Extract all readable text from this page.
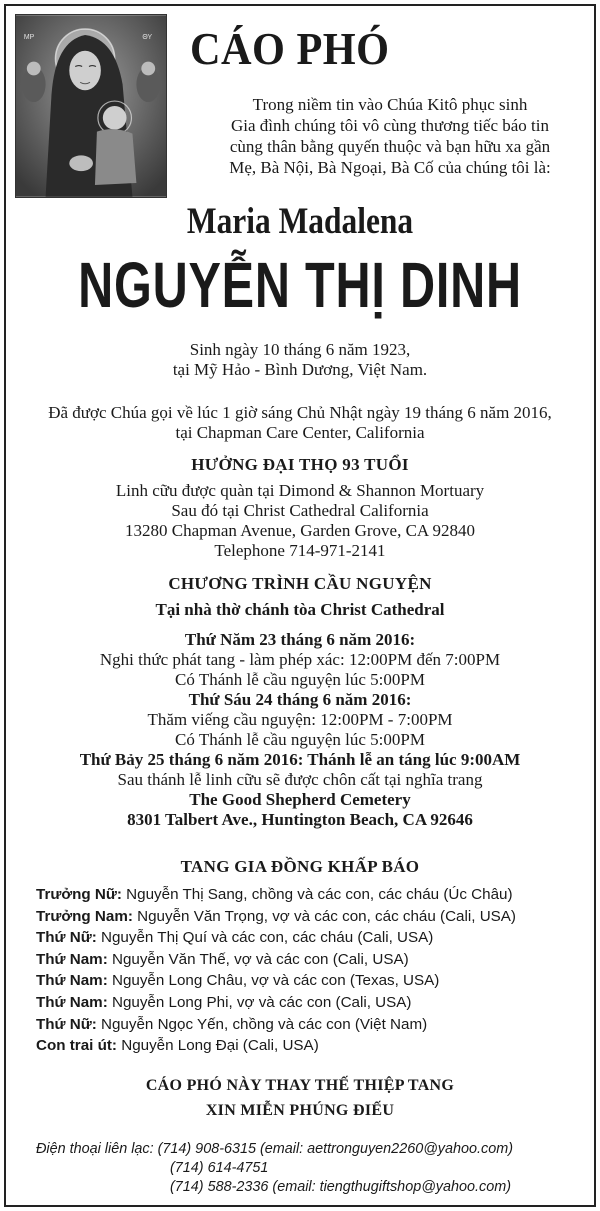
ΜΡ	ΘΥ CÁO PHÓ
Trong niềm tin vào Chúa Kitô phục sinh
Gia đình chúng tôi vô cùng thương tiếc báo tin
cùng thân bằng quyến thuộc và bạn hữu xa gần
Mẹ, Bà Nội, Bà Ngoại, Bà Cố của chúng tôi là:
Maria Madalena
NGUYỄN THỊ DINH
Sinh ngày 10 tháng 6 năm 1923,
tại Mỹ Hảo - Bình Dương, Việt Nam.
Đã được Chúa gọi về lúc 1 giờ sáng Chủ Nhật ngày 19 tháng 6 năm 2016,
tại Chapman Care Center, California
HƯỞNG ĐẠI THỌ 93 TUỔI
Linh cữu được quàn tại Dimond & Shannon Mortuary
Sau đó tại Christ Cathedral California
13280 Chapman Avenue, Garden Grove, CA 92840
Telephone 714-971-2141
CHƯƠNG TRÌNH CẦU NGUYỆN
Tại nhà thờ chánh tòa Christ Cathedral
Thứ Năm 23 tháng 6 năm 2016:
Nghi thức phát tang - làm phép xác: 12:00PM đến 7:00PM
Có Thánh lễ cầu nguyện lúc 5:00PM
Thứ Sáu 24 tháng 6 năm 2016:
Thăm viếng cầu nguyện: 12:00PM - 7:00PM
Có Thánh lễ cầu nguyện lúc 5:00PM
Thứ Bảy 25 tháng 6 năm 2016: Thánh lễ an táng lúc 9:00AM
Sau thánh lễ linh cữu sẽ được chôn cất tại nghĩa trang
The Good Shepherd Cemetery
8301 Talbert Ave., Huntington Beach, CA 92646
TANG GIA ĐỒNG KHẤP BÁO
Trưởng Nữ: Nguyễn Thị Sang, chồng và các con, các cháu (Úc Châu)
Trưởng Nam: Nguyễn Văn Trọng, vợ và các con, các cháu (Cali, USA)
Thứ Nữ: Nguyễn Thị Quí và các con, các cháu (Cali, USA)
Thứ Nam: Nguyễn Văn Thế, vợ và các con (Cali, USA)
Thứ Nam: Nguyễn Long Châu, vợ và các con (Texas, USA)
Thứ Nam: Nguyễn Long Phi, vợ và các con (Cali, USA)
Thứ Nữ: Nguyễn Ngọc Yến, chồng và các con (Việt Nam)
Con trai út: Nguyễn Long Đại (Cali, USA)
CÁO PHÓ NÀY THAY THẾ THIỆP TANG
XIN MIỄN PHÚNG ĐIẾU
Điện thoại liên lạc: (714) 908-6315 (email: aettronguyen2260@yahoo.com)
(714) 614-4751
(714) 588-2336 (email: tiengthugiftshop@yahoo.com)
